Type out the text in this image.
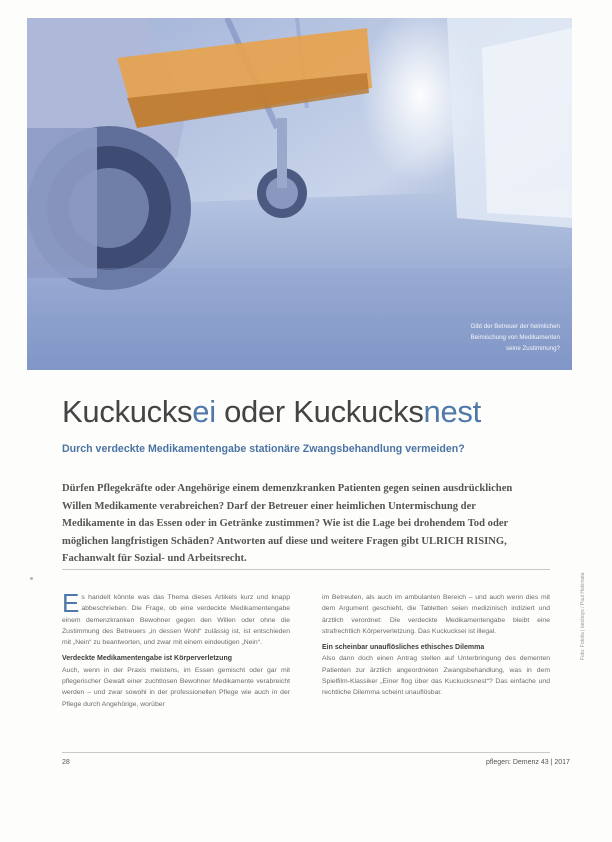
Gibt der Betreuer der heimlichen Beimischung von Medikamenten seine Zustimmung?
Kuckucksei oder Kuckucksnest
Durch verdeckte Medikamentengabe stationäre Zwangsbehandlung vermeiden?
Dürfen Pflegekräfte oder Angehörige einem demenzkranken Patienten gegen seinen ausdrücklichen Willen Medikamente verabreichen? Darf der Betreuer einer heimlichen Untermischung der Medikamente in das Essen oder in Getränke zustimmen? Wie ist die Lage bei drohendem Tod oder möglichen langfristigen Schäden? Antworten auf diese und weitere Fragen gibt ULRICH RISING, Fachanwalt für Sozial- und Arbeitsrecht.

Es handelt könnte was das Thema dieses Artikels kurz und knapp abbeschrieben. Die Frage, ob eine verdeckte Medikamentengabe einem demenzkranken Bewohner gegen den Willen oder ohne die Zustimmung des Betreuers „in dessen Wohl“ zulässig ist, ist entschieden mit „Nein“ zu beantworten, und zwar mit einem eindeutigen „Nein“.

Verdeckte Medikamentengabe ist Körperverletzung

Auch, wenn in der Praxis meistens, im Essen gemischt oder gar mit pflegerischer Gewalt einer zuchtlosen Bewohner Medikamente verabreicht werden – und zwar sowohl in der professionellen Pflege wie auch in der Pflege durch Angehörige, worüber

im Betreuten, als auch im ambulanten Bereich – und auch wenn dies mit dem Argument geschieht, die Tabletten seien medizinisch indiziert und ärztlich verordnet: Die verdeckte Medikamentengabe bleibt eine strafrechtlich Körperverletzung. Das Kuckucksei ist illegal.

Ein scheinbar unauflösliches ethisches Dilemma

Also dann doch einen Antrag stellen auf Unterbringung des dementen Patienten zur ärztlich angeordneten Zwangsbehandlung, was in dem Spielfilm-Klassiker „Einer flog über das Kuckucksnest“? Das einfache und rechtliche Dilemma scheint unauflösbar.

28	pflegen: Demenz 43 | 2017
Foto: Fotolia | beeboys / Paul Hakimata
